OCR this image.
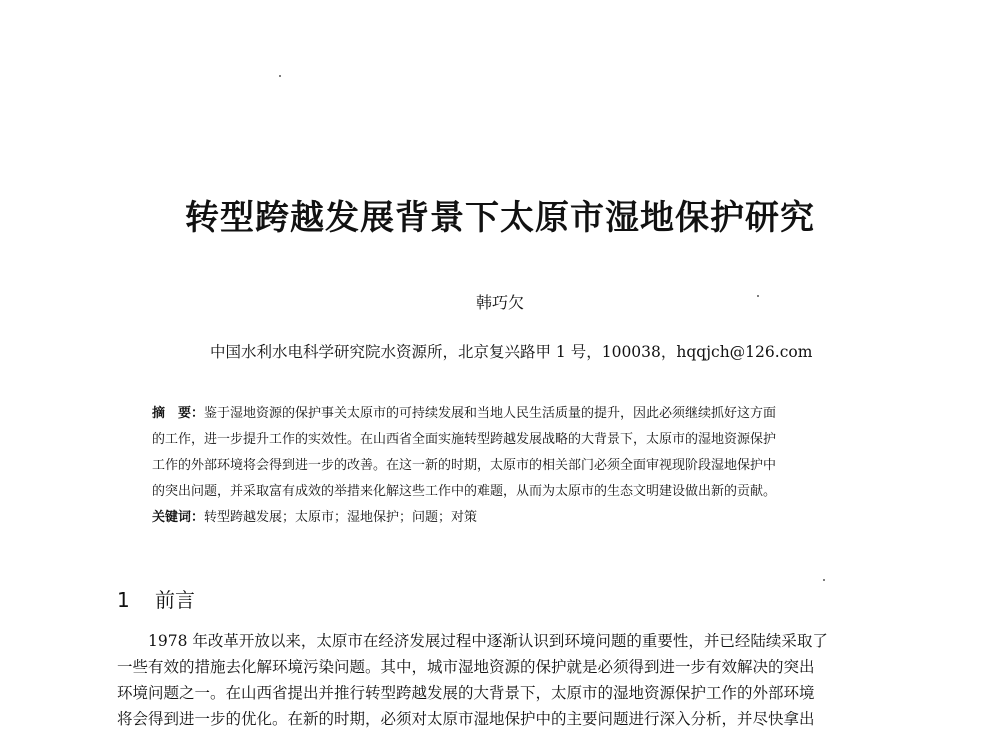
转型跨越发展背景下太原市湿地保护研究
韩巧欠
中国水利水电科学研究院水资源所，北京复兴路甲 1 号，100038，hqqjch@126.com
摘　要：鉴于湿地资源的保护事关太原市的可持续发展和当地人民生活质量的提升，因此必须继续抓好这方面
的工作，进一步提升工作的实效性。在山西省全面实施转型跨越发展战略的大背景下，太原市的湿地资源保护
工作的外部环境将会得到进一步的改善。在这一新的时期，太原市的相关部门必须全面审视现阶段湿地保护中
的突出问题，并采取富有成效的举措来化解这些工作中的难题，从而为太原市的生态文明建设做出新的贡献。
关键词：转型跨越发展；太原市；湿地保护；问题；对策
1 前言
1978 年改革开放以来，太原市在经济发展过程中逐渐认识到环境问题的重要性，并已经陆续采取了
一些有效的措施去化解环境污染问题。其中，城市湿地资源的保护就是必须得到进一步有效解决的突出
环境问题之一。在山西省提出并推行转型跨越发展的大背景下，太原市的湿地资源保护工作的外部环境
将会得到进一步的优化。在新的时期，必须对太原市湿地保护中的主要问题进行深入分析，并尽快拿出
